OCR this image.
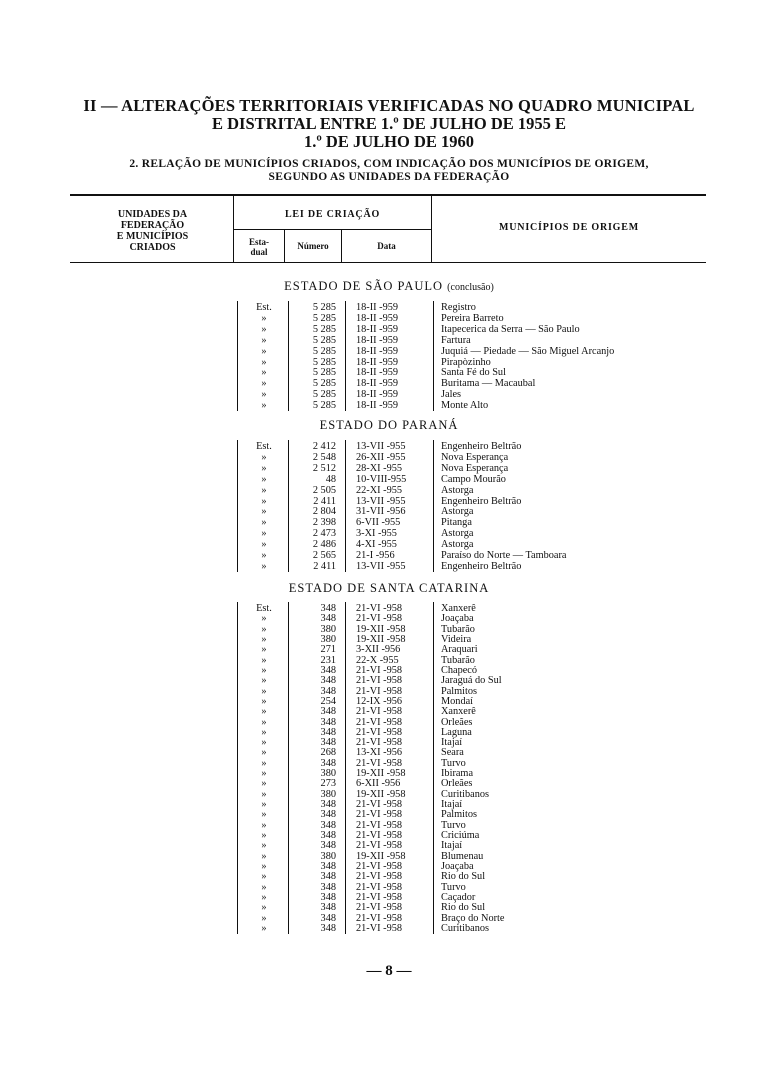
II — ALTERAÇÕES TERRITORIAIS VERIFICADAS NO QUADRO MUNICIPAL
E DISTRITAL ENTRE 1.º DE JULHO DE 1955 E
1.º DE JULHO DE 1960
2. RELAÇÃO DE MUNICÍPIOS CRIADOS, COM INDICAÇÃO DOS MUNICÍPIOS DE ORIGEM,
SEGUNDO AS UNIDADES DA FEDERAÇÃO
UNIDADES DA
FEDERAÇÃO
E MUNICÍPIOS
CRIADOS
LEI DE CRIAÇÃO
Esta-
dual
Número	Data
MUNICÍPIOS DE ORIGEM
ESTADO DE SÃO PAULO (conclusão)
ESTADO DO PARANÁ
ESTADO DE SANTA CATARINA
Est.	5 285 18-II -959	Registro
»	5 285 18-II -959	Pereira Barreto
»	5 285 18-II -959	Itapecerica da Serra — São Paulo
»	5 285 18-II -959	Fartura
»	5 285 18-II -959	Juquiá — Piedade — São Miguel Arcanjo
»	5 285 18-II -959	Pirapòzinho
»	5 285 18-II -959	Santa Fé do Sul
»	5 285 18-II -959	Buritama — Macaubal
»	5 285 18-II -959	Jales
»	5 285 18-II -959	Monte Alto
Est.	2 412 13-VII -955	Engenheiro Beltrão
»	2 548 26-XII -955	Nova Esperança
»	2 512 28-XI -955	Nova Esperança
»	48 10-VIII-955	Campo Mourão
»	2 505 22-XI -955	Astorga
»	2 411 13-VII -955	Engenheiro Beltrão
»	2 804 31-VII -956	Astorga
»	2 398 6-VII -955	Pitanga
»	2 473 3-XI -955	Astorga
»	2 486 4-XI -955	Astorga
»	2 565 21-I -956	Paraíso do Norte — Tamboara
»	2 411 13-VII -955	Engenheiro Beltrão
Est.	348 21-VI -958	Xanxerê
»	348 21-VI -958	Joaçaba
»	380 19-XII -958	Tubarão
»	380 19-XII -958	Videira
»	271 3-XII -956	Araquari
»	231 22-X -955	Tubarão
»	348 21-VI -958	Chapecó
»	348 21-VI -958	Jaraguá do Sul
»	348 21-VI -958	Palmitos
»	254 12-IX -956	Mondaí
»	348 21-VI -958	Xanxerê
»	348 21-VI -958	Orleães
»	348 21-VI -958	Laguna
»	348 21-VI -958	Itajaí
»	268 13-XI -956	Seara
»	348 21-VI -958	Turvo
»	380 19-XII -958	Ibirama
»	273 6-XII -956	Orleães
»	380 19-XII -958	Curitibanos
»	348 21-VI -958	Itajaí
»	348 21-VI -958	Palmitos
»	348 21-VI -958	Turvo
»	348 21-VI -958	Criciúma
»	348 21-VI -958	Itajaí
»	380 19-XII -958	Blumenau
»	348 21-VI -958	Joaçaba
»	348 21-VI -958	Rio do Sul
»	348 21-VI -958	Turvo
»	348 21-VI -958	Caçador
»	348 21-VI -958	Rio do Sul
»	348 21-VI -958	Braço do Norte
»	348 21-VI -958	Curitibanos
— 8 —
